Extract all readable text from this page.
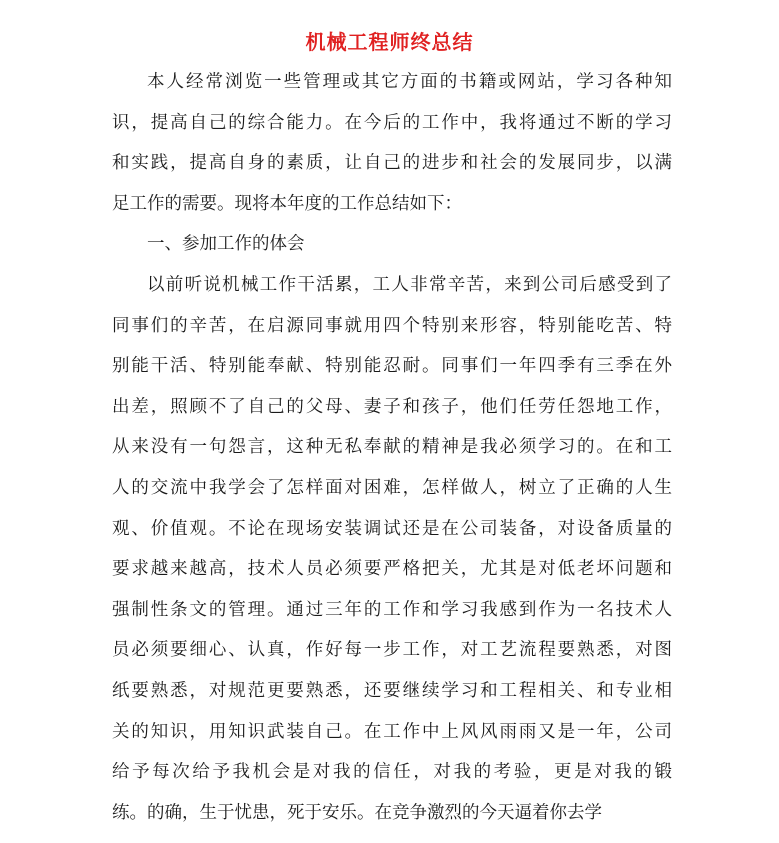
机械工程师终总结
本人经常浏览一些管理或其它方面的书籍或网站，学习各种知
识，提高自己的综合能力。在今后的工作中，我将通过不断的学习
和实践，提高自身的素质，让自己的进步和社会的发展同步，以满
足工作的需要。现将本年度的工作总结如下：
一、参加工作的体会
以前听说机械工作干活累，工人非常辛苦，来到公司后感受到了
同事们的辛苦，在启源同事就用四个特别来形容，特别能吃苦、特
别能干活、特别能奉献、特别能忍耐。同事们一年四季有三季在外
出差，照顾不了自己的父母、妻子和孩子，他们任劳任怨地工作，
从来没有一句怨言，这种无私奉献的精神是我必须学习的。在和工
人的交流中我学会了怎样面对困难，怎样做人，树立了正确的人生
观、价值观。不论在现场安装调试还是在公司装备，对设备质量的
要求越来越高，技术人员必须要严格把关，尤其是对低老坏问题和
强制性条文的管理。通过三年的工作和学习我感到作为一名技术人
员必须要细心、认真，作好每一步工作，对工艺流程要熟悉，对图
纸要熟悉，对规范更要熟悉，还要继续学习和工程相关、和专业相
关的知识，用知识武装自己。在工作中上风风雨雨又是一年，公司
给予每次给予我机会是对我的信任，对我的考验，更是对我的锻
练。的确，生于忧患，死于安乐。在竞争激烈的今天逼着你去学
